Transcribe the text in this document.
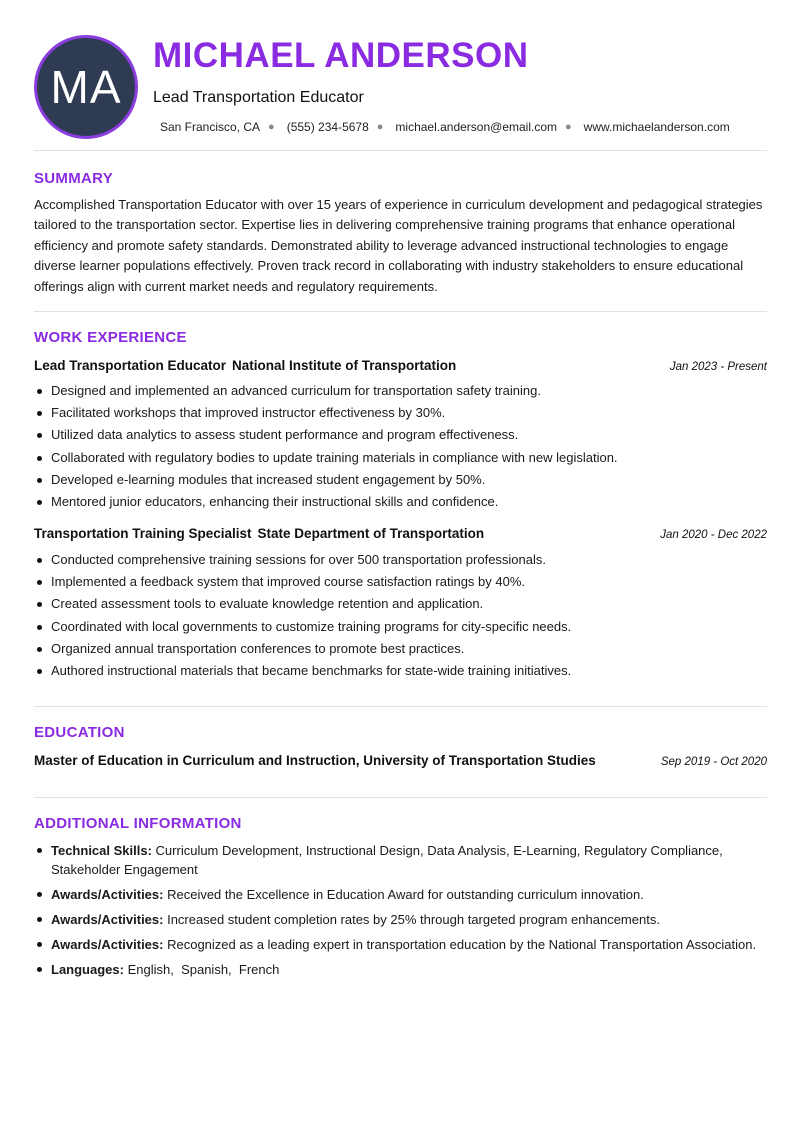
MA
MICHAEL ANDERSON
Lead Transportation Educator
San Francisco, CA ● (555) 234-5678 ● michael.anderson@email.com ● www.michaelanderson.com
SUMMARY

Accomplished Transportation Educator with over 15 years of experience in curriculum development and pedagogical strategies tailored to the transportation sector. Expertise lies in delivering comprehensive training programs that enhance operational efficiency and promote safety standards. Demonstrated ability to leverage advanced instructional technologies to engage diverse learner populations effectively. Proven track record in collaborating with industry stakeholders to ensure educational offerings align with current market needs and regulatory requirements.

WORK EXPERIENCE
Lead Transportation Educator National Institute of Transportation	Jan 2023 - Present
Designed and implemented an advanced curriculum for transportation safety training.
Facilitated workshops that improved instructor effectiveness by 30%.
Utilized data analytics to assess student performance and program effectiveness.
Collaborated with regulatory bodies to update training materials in compliance with new legislation.
Developed e-learning modules that increased student engagement by 50%.
Mentored junior educators, enhancing their instructional skills and confidence.
Transportation Training Specialist State Department of Transportation	Jan 2020 - Dec 2022
Conducted comprehensive training sessions for over 500 transportation professionals.
Implemented a feedback system that improved course satisfaction ratings by 40%.
Created assessment tools to evaluate knowledge retention and application.
Coordinated with local governments to customize training programs for city-specific needs.
Organized annual transportation conferences to promote best practices.
Authored instructional materials that became benchmarks for state-wide training initiatives.
EDUCATION
Master of Education in Curriculum and Instruction, University of Transportation Studies	Sep 2019 - Oct 2020
ADDITIONAL INFORMATION
Technical Skills: Curriculum Development, Instructional Design, Data Analysis, E-Learning, Regulatory Compliance, Stakeholder Engagement
Awards/Activities: Received the Excellence in Education Award for outstanding curriculum innovation.
Awards/Activities: Increased student completion rates by 25% through targeted program enhancements.
Awards/Activities: Recognized as a leading expert in transportation education by the National Transportation Association.
Languages: English,  Spanish,  French
